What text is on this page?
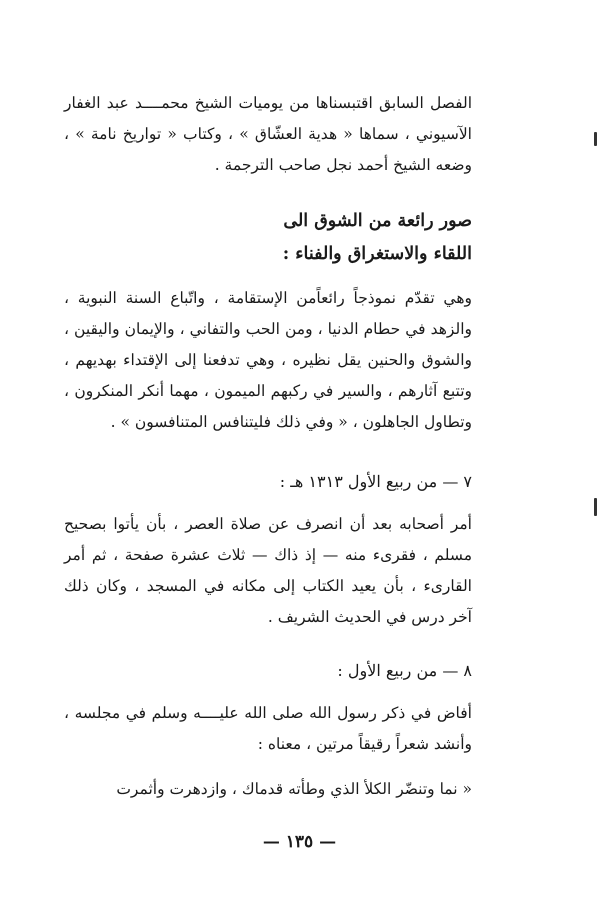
الفصل السابق اقتبسناها من يوميات الشيخ محمــــد عبد الغفار الآسيوني ، سماها « هدية العشّاق » ، وكتاب « تواريخ نامة » ، وضعه الشيخ أحمد نجل صاحب الترجمة .

صور رائعة من الشوق الى

اللقاء والاستغراق والفناء :

وهي تقدّم نموذجاً رائعاًمن الإستقامة ، واتّباع السنة النبوية ، والزهد في حطام الدنيا ، ومن الحب والتفاني ، والإيمان واليقين ، والشوق والحنين يقل نظيره ، وهي تدفعنا إلى الإقتداء بهديهم ، وتتبع آثارهم ، والسير في ركبهم الميمون ، مهما أنكر المنكرون ، وتطاول الجاهلون ، « وفي ذلك فليتنافس المتنافسون » .

٧ — من ربيع الأول ١٣١٣ هـ :

أمر أصحابه بعد أن انصرف عن صلاة العصر ، بأن يأتوا بصحيح مسلم ، فقرىء منه — إذ ذاك — ثلاث عشرة صفحة ، ثم أمر القارىء ، بأن يعيد الكتاب إلى مكانه في المسجد ، وكان ذلك آخر درس في الحديث الشريف .

٨ — من ربيع الأول :

أفاض في ذكر رسول الله صلى الله عليــــه وسلم في مجلسه ، وأنشد شعراً رقيقاً مرتين ، معناه :

« نما وتنضّر الكلأ الذي وطأته قدماك ، وازدهرت وأثمرت

— ١٣٥ —
